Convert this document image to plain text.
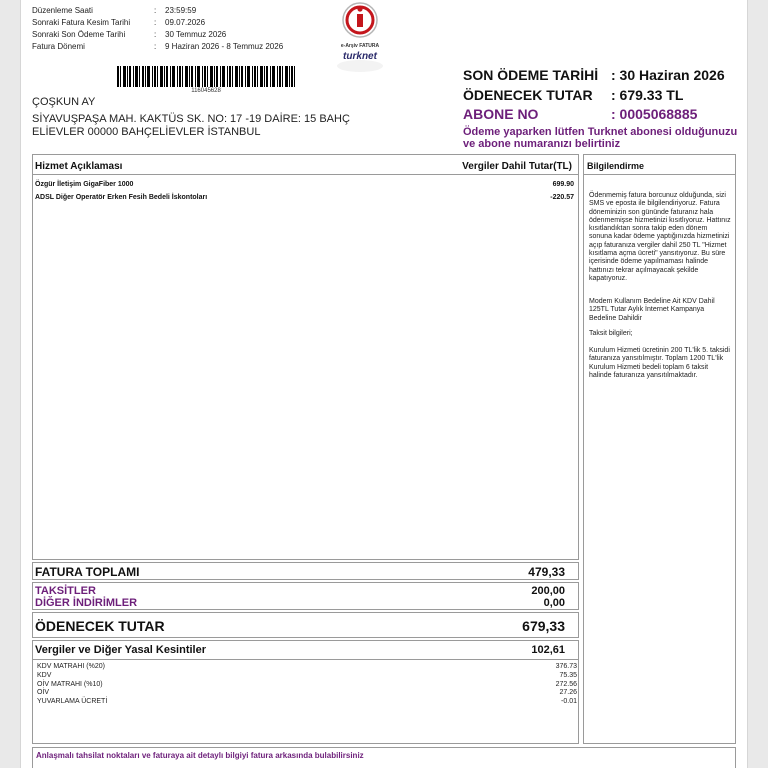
Düzenleme Saati	: 23:59:59
Sonraki Fatura Kesim Tarihi	: 09.07.2026
Sonraki Son Ödeme Tarihi	: 30 Temmuz 2026
Fatura Dönemi	: 9 Haziran 2026 - 8 Temmuz 2026	e-Arşiv FATURA
turknet
116045628
ÇOŞKUN AY
SİYAVUŞPAŞA MAH. KAKTÜS SK. NO: 17 -19 DAİRE: 15 BAHÇ ELİEVLER 00000 BAHÇELİEVLER İSTANBUL
SON ÖDEME TARİHİ : 30 Haziran 2026
ÖDENECEK TUTAR : 679.33 TL
ABONE NO	: 0005068885
Ödeme yaparken lütfen Turknet abonesi olduğunuzu ve abone numaranızı belirtiniz
Hizmet Açıklaması	Vergiler Dahil Tutar(TL)
Özgür İletişim GigaFiber 1000	699.90
ADSL Diğer Operatör Erken Fesih Bedeli İskontoları	-220.57
Bilgilendirme
Ödenmemiş fatura borcunuz olduğunda, sizi SMS ve eposta ile bilgilendiriyoruz. Fatura döneminizin son gününde faturanız hala ödenmemişse hizmetinizi kısıtlıyoruz. Hattınız kısıtlandıktan sonra takip eden dönem sonuna kadar ödeme yaptığınızda hizmetinizi açıp faturanıza vergiler dahil 250 TL "Hizmet kısıtlama açma ücreti" yansıtıyoruz. Bu süre içerisinde ödeme yapılmaması halinde hattınızı tekrar açılmayacak şekilde kapatıyoruz.
Modem Kullanım Bedeline Ait KDV Dahil 125TL Tutar Aylık İnternet Kampanya Bedeline Dahildir
Taksit bilgileri;
Kurulum Hizmeti ücretinin 200 TL'lik 5. taksidi faturanıza yansıtılmıştır. Toplam 1200 TL'lik Kurulum Hizmeti bedeli toplam 6 taksit halinde faturanıza yansıtılmaktadır.
FATURA TOPLAMI	479,33
TAKSİTLER	200,00
DİĞER İNDİRİMLER	0,00
ÖDENECEK TUTAR	679,33
Vergiler ve Diğer Yasal Kesintiler	102,61
KDV MATRAHI (%20)	376.73
KDV	75.35
OİV MATRAHI (%10)	272.56
OİV	27.26
YUVARLAMA ÜCRETİ	-0.01
Anlaşmalı tahsilat noktaları ve faturaya ait detaylı bilgiyi fatura arkasında bulabilirsiniz
